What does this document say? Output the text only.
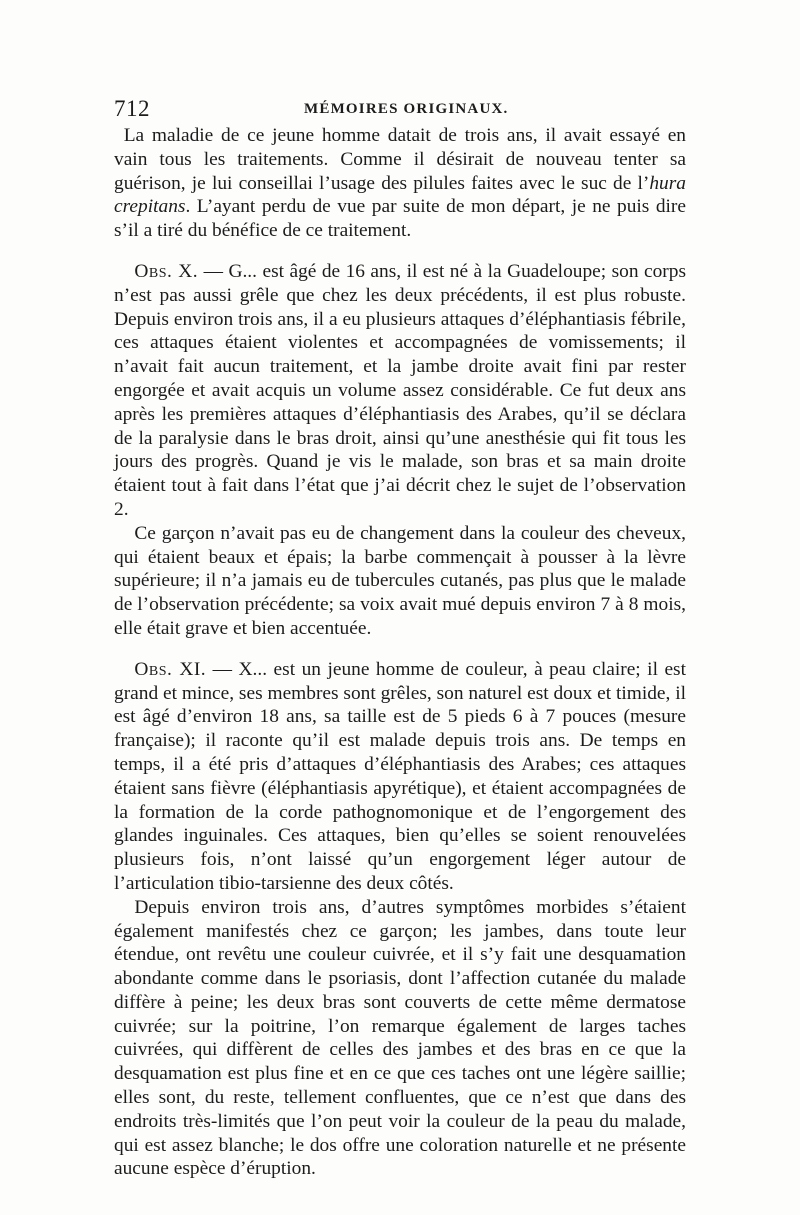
712	MÉMOIRES ORIGINAUX.

La maladie de ce jeune homme datait de trois ans, il avait essayé en vain tous les traitements. Comme il désirait de nouveau tenter sa guérison, je lui conseillai l’usage des pilules faites avec le suc de l’hura crepitans. L’ayant perdu de vue par suite de mon départ, je ne puis dire s’il a tiré du bénéfice de ce traitement.

Obs. X. — G... est âgé de 16 ans, il est né à la Guadeloupe; son corps n’est pas aussi grêle que chez les deux précédents, il est plus robuste. Depuis environ trois ans, il a eu plusieurs attaques d’éléphantiasis fébrile, ces attaques étaient violentes et accompagnées de vomissements; il n’avait fait aucun traitement, et la jambe droite avait fini par rester engorgée et avait acquis un volume assez considérable. Ce fut deux ans après les premières attaques d’éléphantiasis des Arabes, qu’il se déclara de la paralysie dans le bras droit, ainsi qu’une anesthésie qui fit tous les jours des progrès. Quand je vis le malade, son bras et sa main droite étaient tout à fait dans l’état que j’ai décrit chez le sujet de l’observation 2.

Ce garçon n’avait pas eu de changement dans la couleur des cheveux, qui étaient beaux et épais; la barbe commençait à pousser à la lèvre supérieure; il n’a jamais eu de tubercules cutanés, pas plus que le malade de l’observation précédente; sa voix avait mué depuis environ 7 à 8 mois, elle était grave et bien accentuée.

Obs. XI. — X... est un jeune homme de couleur, à peau claire; il est grand et mince, ses membres sont grêles, son naturel est doux et timide, il est âgé d’environ 18 ans, sa taille est de 5 pieds 6 à 7 pouces (mesure française); il raconte qu’il est malade depuis trois ans. De temps en temps, il a été pris d’attaques d’éléphantiasis des Arabes; ces attaques étaient sans fièvre (éléphantiasis apyrétique), et étaient accompagnées de la formation de la corde pathognomonique et de l’engorgement des glandes inguinales. Ces attaques, bien qu’elles se soient renouvelées plusieurs fois, n’ont laissé qu’un engorgement léger autour de l’articulation tibio-tarsienne des deux côtés.

Depuis environ trois ans, d’autres symptômes morbides s’étaient également manifestés chez ce garçon; les jambes, dans toute leur étendue, ont revêtu une couleur cuivrée, et il s’y fait une desquamation abondante comme dans le psoriasis, dont l’affection cutanée du malade diffère à peine; les deux bras sont couverts de cette même dermatose cuivrée; sur la poitrine, l’on remarque également de larges taches cuivrées, qui diffèrent de celles des jambes et des bras en ce que la desquamation est plus fine et en ce que ces taches ont une légère saillie; elles sont, du reste, tellement confluentes, que ce n’est que dans des endroits très-limités que l’on peut voir la couleur de la peau du malade, qui est assez blanche; le dos offre une coloration naturelle et ne présente aucune espèce d’éruption.
